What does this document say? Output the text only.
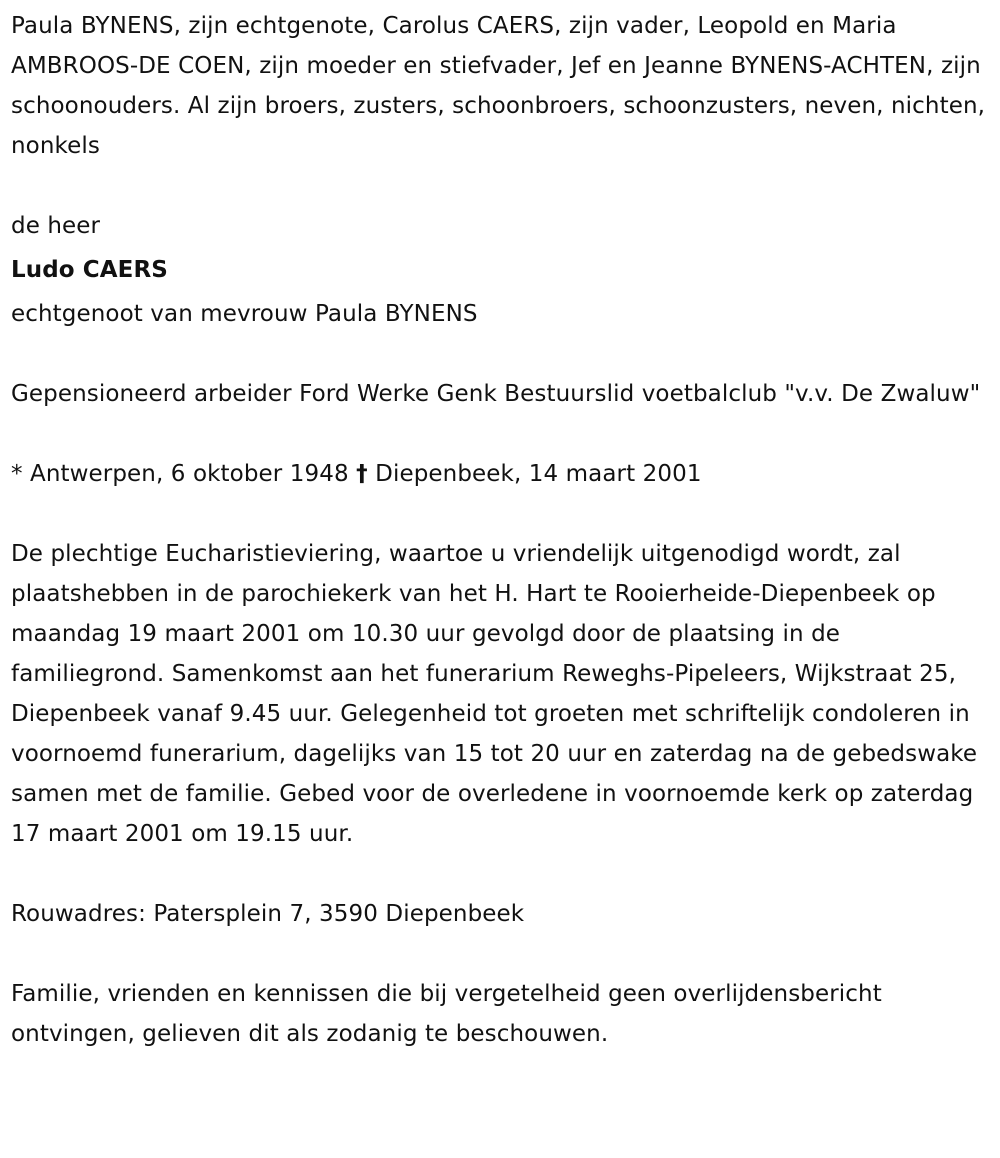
Paula BYNENS, zijn echtgenote, Carolus CAERS, zijn vader, Leopold en Maria AMBROOS-DE COEN, zijn moeder en stiefvader, Jef en Jeanne BYNENS-ACHTEN, zijn schoonouders. Al zijn broers, zusters, schoonbroers, schoonzusters, neven, nichten, nonkels

de heer

Ludo CAERS

echtgenoot van mevrouw Paula BYNENS

Gepensioneerd arbeider Ford Werke Genk Bestuurslid voetbalclub "v.v. De Zwaluw"

* Antwerpen, 6 oktober 1948 † Diepenbeek, 14 maart 2001

De plechtige Eucharistieviering, waartoe u vriendelijk uitgenodigd wordt, zal plaatshebben in de parochiekerk van het H. Hart te Rooierheide-Diepenbeek op maandag 19 maart 2001 om 10.30 uur gevolgd door de plaatsing in de familiegrond. Samenkomst aan het funerarium Reweghs-Pipeleers, Wijkstraat 25, Diepenbeek vanaf 9.45 uur. Gelegenheid tot groeten met schriftelijk condoleren in voornoemd funerarium, dagelijks van 15 tot 20 uur en zaterdag na de gebedswake samen met de familie. Gebed voor de overledene in voornoemde kerk op zaterdag 17 maart 2001 om 19.15 uur.

Rouwadres: Patersplein 7, 3590 Diepenbeek

Familie, vrienden en kennissen die bij vergetelheid geen overlijdensbericht ontvingen, gelieven dit als zodanig te beschouwen.
